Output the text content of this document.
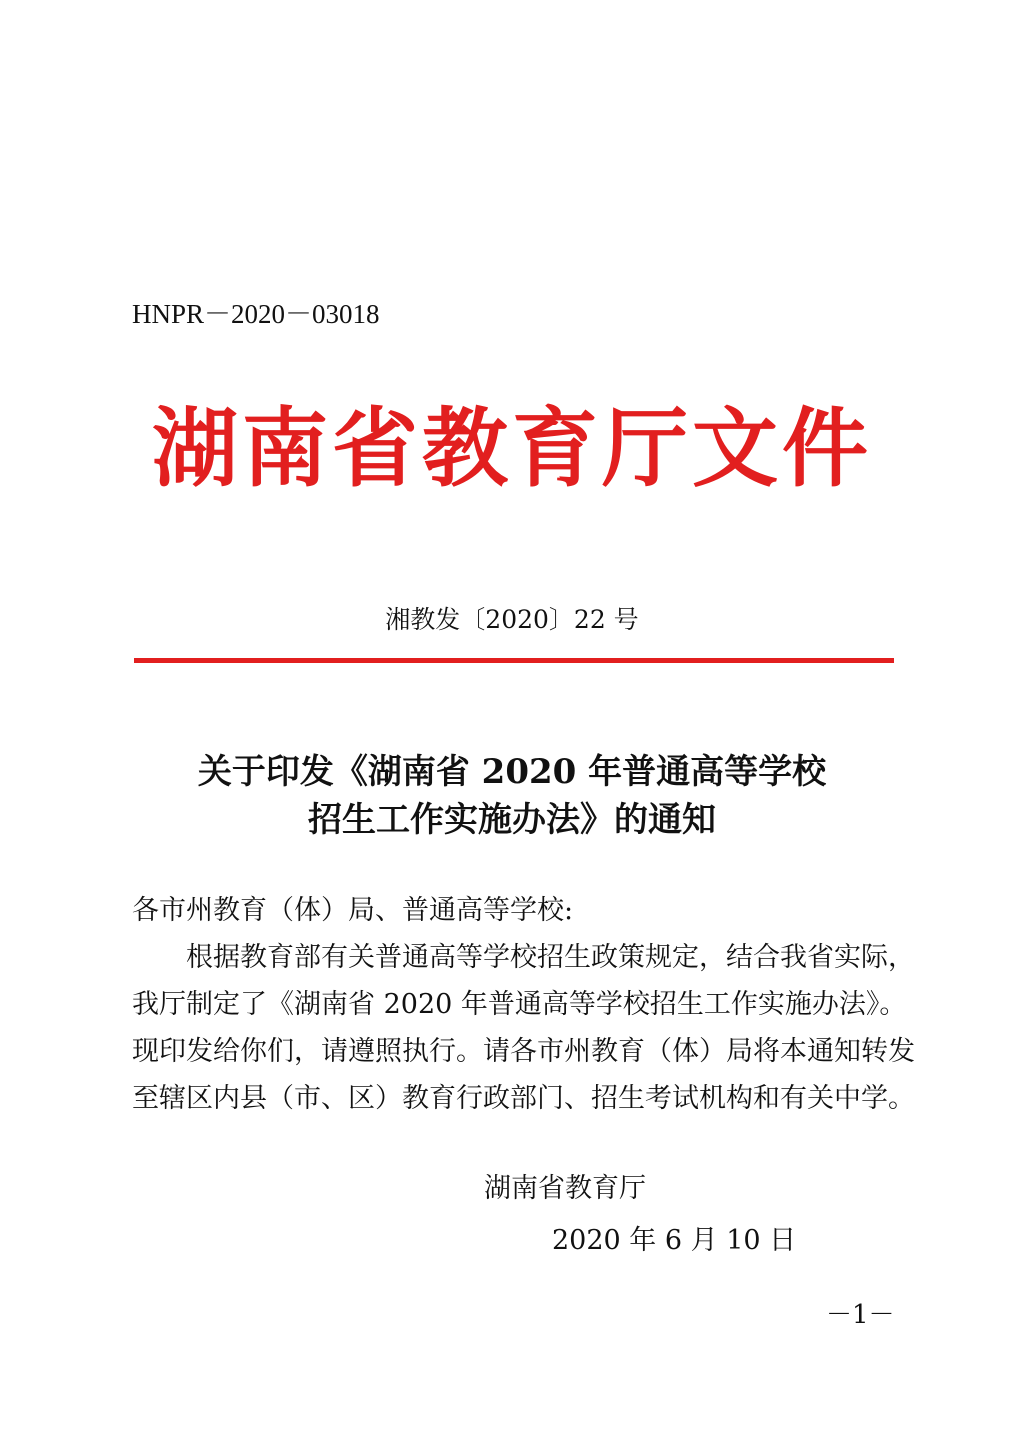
HNPR－2020－03018
湖南省教育厅文件
湘教发〔2020〕22 号
关于印发《湖南省 2020 年普通高等学校
招生工作实施办法》的通知
各市州教育（体）局、普通高等学校:
根据教育部有关普通高等学校招生政策规定，结合我省实际，
我厅制定了《湖南省 2020 年普通高等学校招生工作实施办法》。
现印发给你们，请遵照执行。请各市州教育（体）局将本通知转发
至辖区内县（市、区）教育行政部门、招生考试机构和有关中学。
湖南省教育厅
2020 年 6 月 10 日
－1－
